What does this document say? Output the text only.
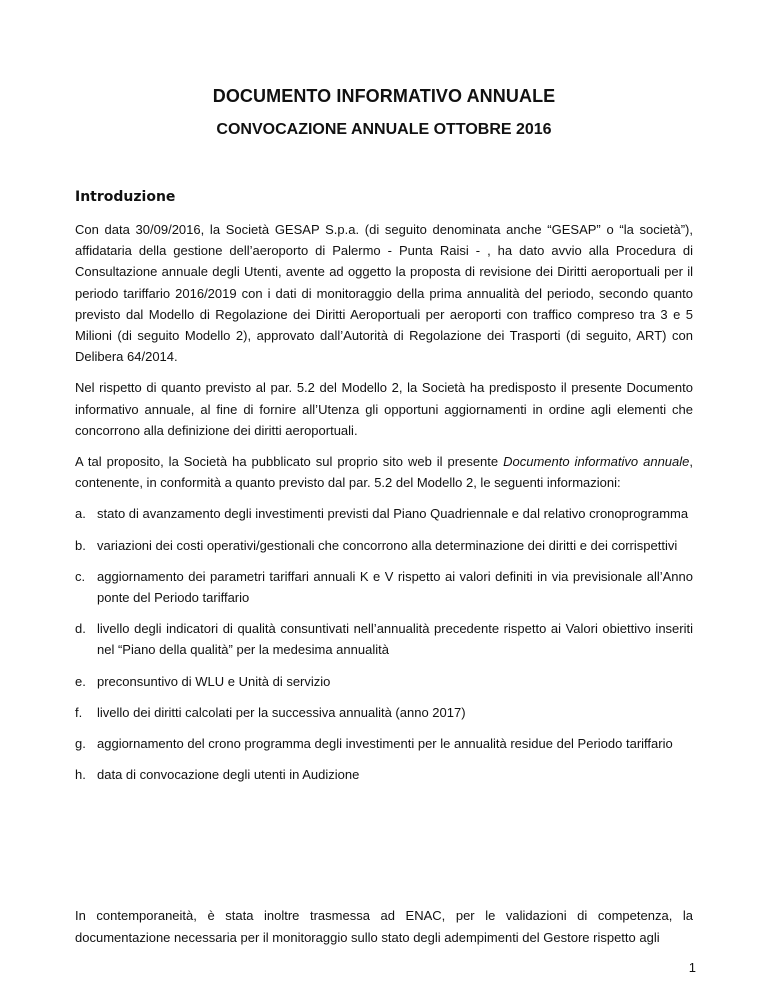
DOCUMENTO INFORMATIVO ANNUALE
CONVOCAZIONE ANNUALE OTTOBRE 2016
Introduzione

Con data 30/09/2016, la Società GESAP S.p.a. (di seguito denominata anche “GESAP” o “la società”), affidataria della gestione dell’aeroporto di Palermo - Punta Raisi - , ha dato avvio alla Procedura di Consultazione annuale degli Utenti, avente ad oggetto la proposta di revisione dei Diritti aeroportuali per il periodo tariffario 2016/2019 con i dati di monitoraggio della prima annualità del periodo, secondo quanto previsto dal Modello di Regolazione dei Diritti Aeroportuali per aeroporti con traffico compreso tra 3 e 5 Milioni (di seguito Modello 2), approvato dall’Autorità di Regolazione dei Trasporti (di seguito, ART) con Delibera 64/2014.

Nel rispetto di quanto previsto al par. 5.2 del Modello 2, la Società ha predisposto il presente Documento informativo annuale, al fine di fornire all’Utenza gli opportuni aggiornamenti in ordine agli elementi che concorrono alla definizione dei diritti aeroportuali.

A tal proposito, la Società ha pubblicato sul proprio sito web il presente Documento informativo annuale, contenente, in conformità a quanto previsto dal par. 5.2 del Modello 2, le seguenti informazioni:

a. stato di avanzamento degli investimenti previsti dal Piano Quadriennale e dal relativo cronoprogramma
b. variazioni dei costi operativi/gestionali che concorrono alla determinazione dei diritti e dei corrispettivi
c. aggiornamento dei parametri tariffari annuali K e V rispetto ai valori definiti in via previsionale all’Anno ponte del Periodo tariffario
d. livello degli indicatori di qualità consuntivati nell’annualità precedente rispetto ai Valori obiettivo inseriti nel “Piano della qualità” per la medesima annualità
e. preconsuntivo di WLU e Unità di servizio
f. livello dei diritti calcolati per la successiva annualità (anno 2017)
g. aggiornamento del crono programma degli investimenti per le annualità residue del Periodo tariffario
h. data di convocazione degli utenti in Audizione

In contemporaneità, è stata inoltre trasmessa ad ENAC, per le validazioni di competenza, la documentazione necessaria per il monitoraggio sullo stato degli adempimenti del Gestore rispetto agli

1
